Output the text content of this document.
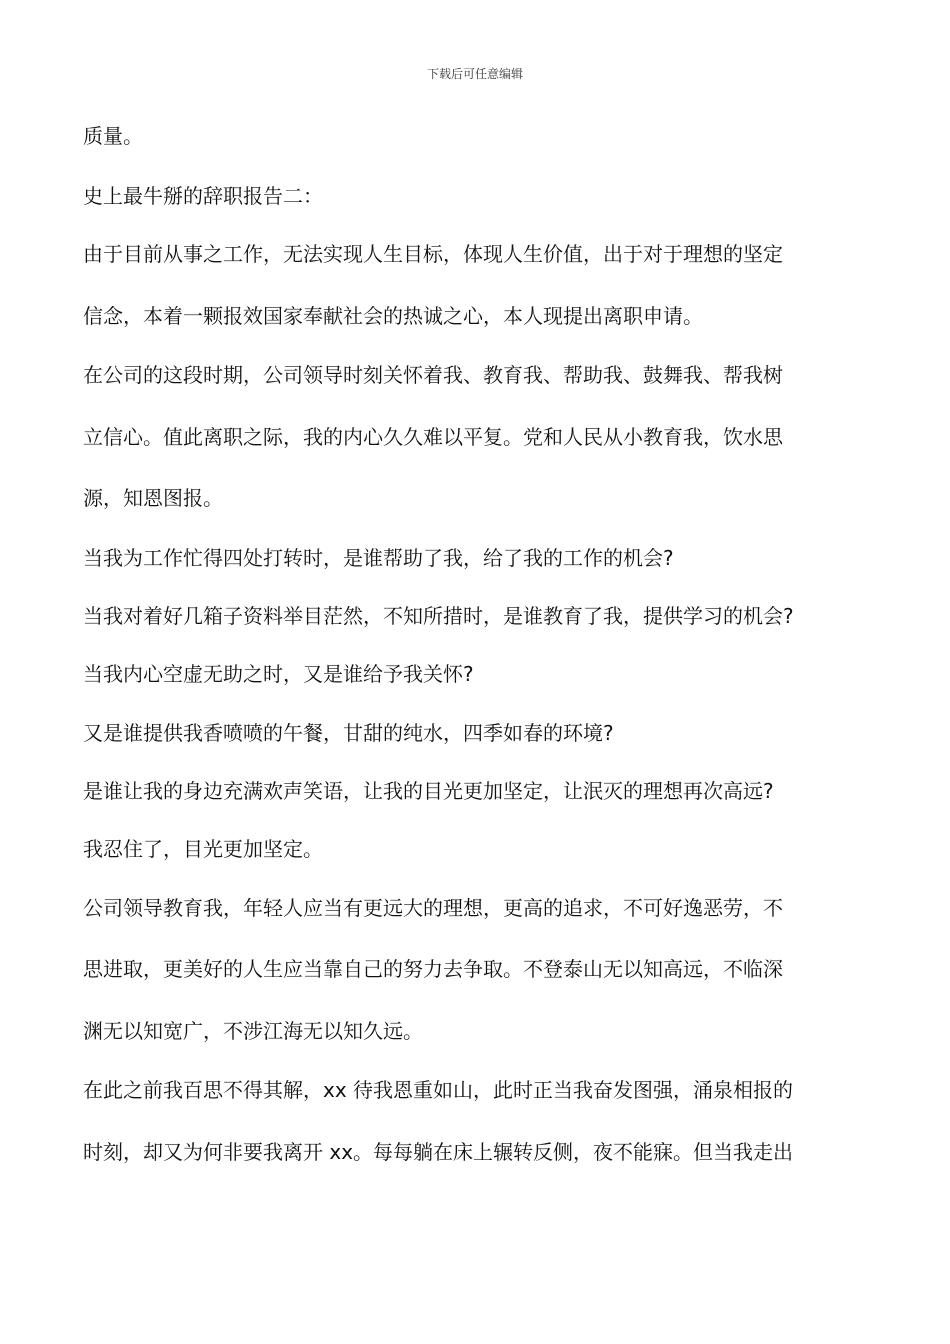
下载后可任意编辑
质量。
史上最牛掰的辞职报告二：
由于目前从事之工作，无法实现人生目标，体现人生价值，出于对于理想的坚定
信念，本着一颗报效国家奉献社会的热诚之心，本人现提出离职申请。
在公司的这段时期，公司领导时刻关怀着我、教育我、帮助我、鼓舞我、帮我树
立信心。值此离职之际，我的内心久久难以平复。党和人民从小教育我，饮水思
源，知恩图报。
当我为工作忙得四处打转时，是谁帮助了我，给了我的工作的机会?
当我对着好几箱子资料举目茫然，不知所措时，是谁教育了我，提供学习的机会?
当我内心空虚无助之时，又是谁给予我关怀?
又是谁提供我香喷喷的午餐，甘甜的纯水，四季如春的环境?
是谁让我的身边充满欢声笑语，让我的目光更加坚定，让泯灭的理想再次高远?
我忍住了，目光更加坚定。
公司领导教育我，年轻人应当有更远大的理想，更高的追求，不可好逸恶劳，不
思进取，更美好的人生应当靠自己的努力去争取。不登泰山无以知高远，不临深
渊无以知宽广，不涉江海无以知久远。
在此之前我百思不得其解，xx 待我恩重如山，此时正当我奋发图强，涌泉相报的
时刻，却又为何非要我离开 xx。每每躺在床上辗转反侧，夜不能寐。但当我走出
